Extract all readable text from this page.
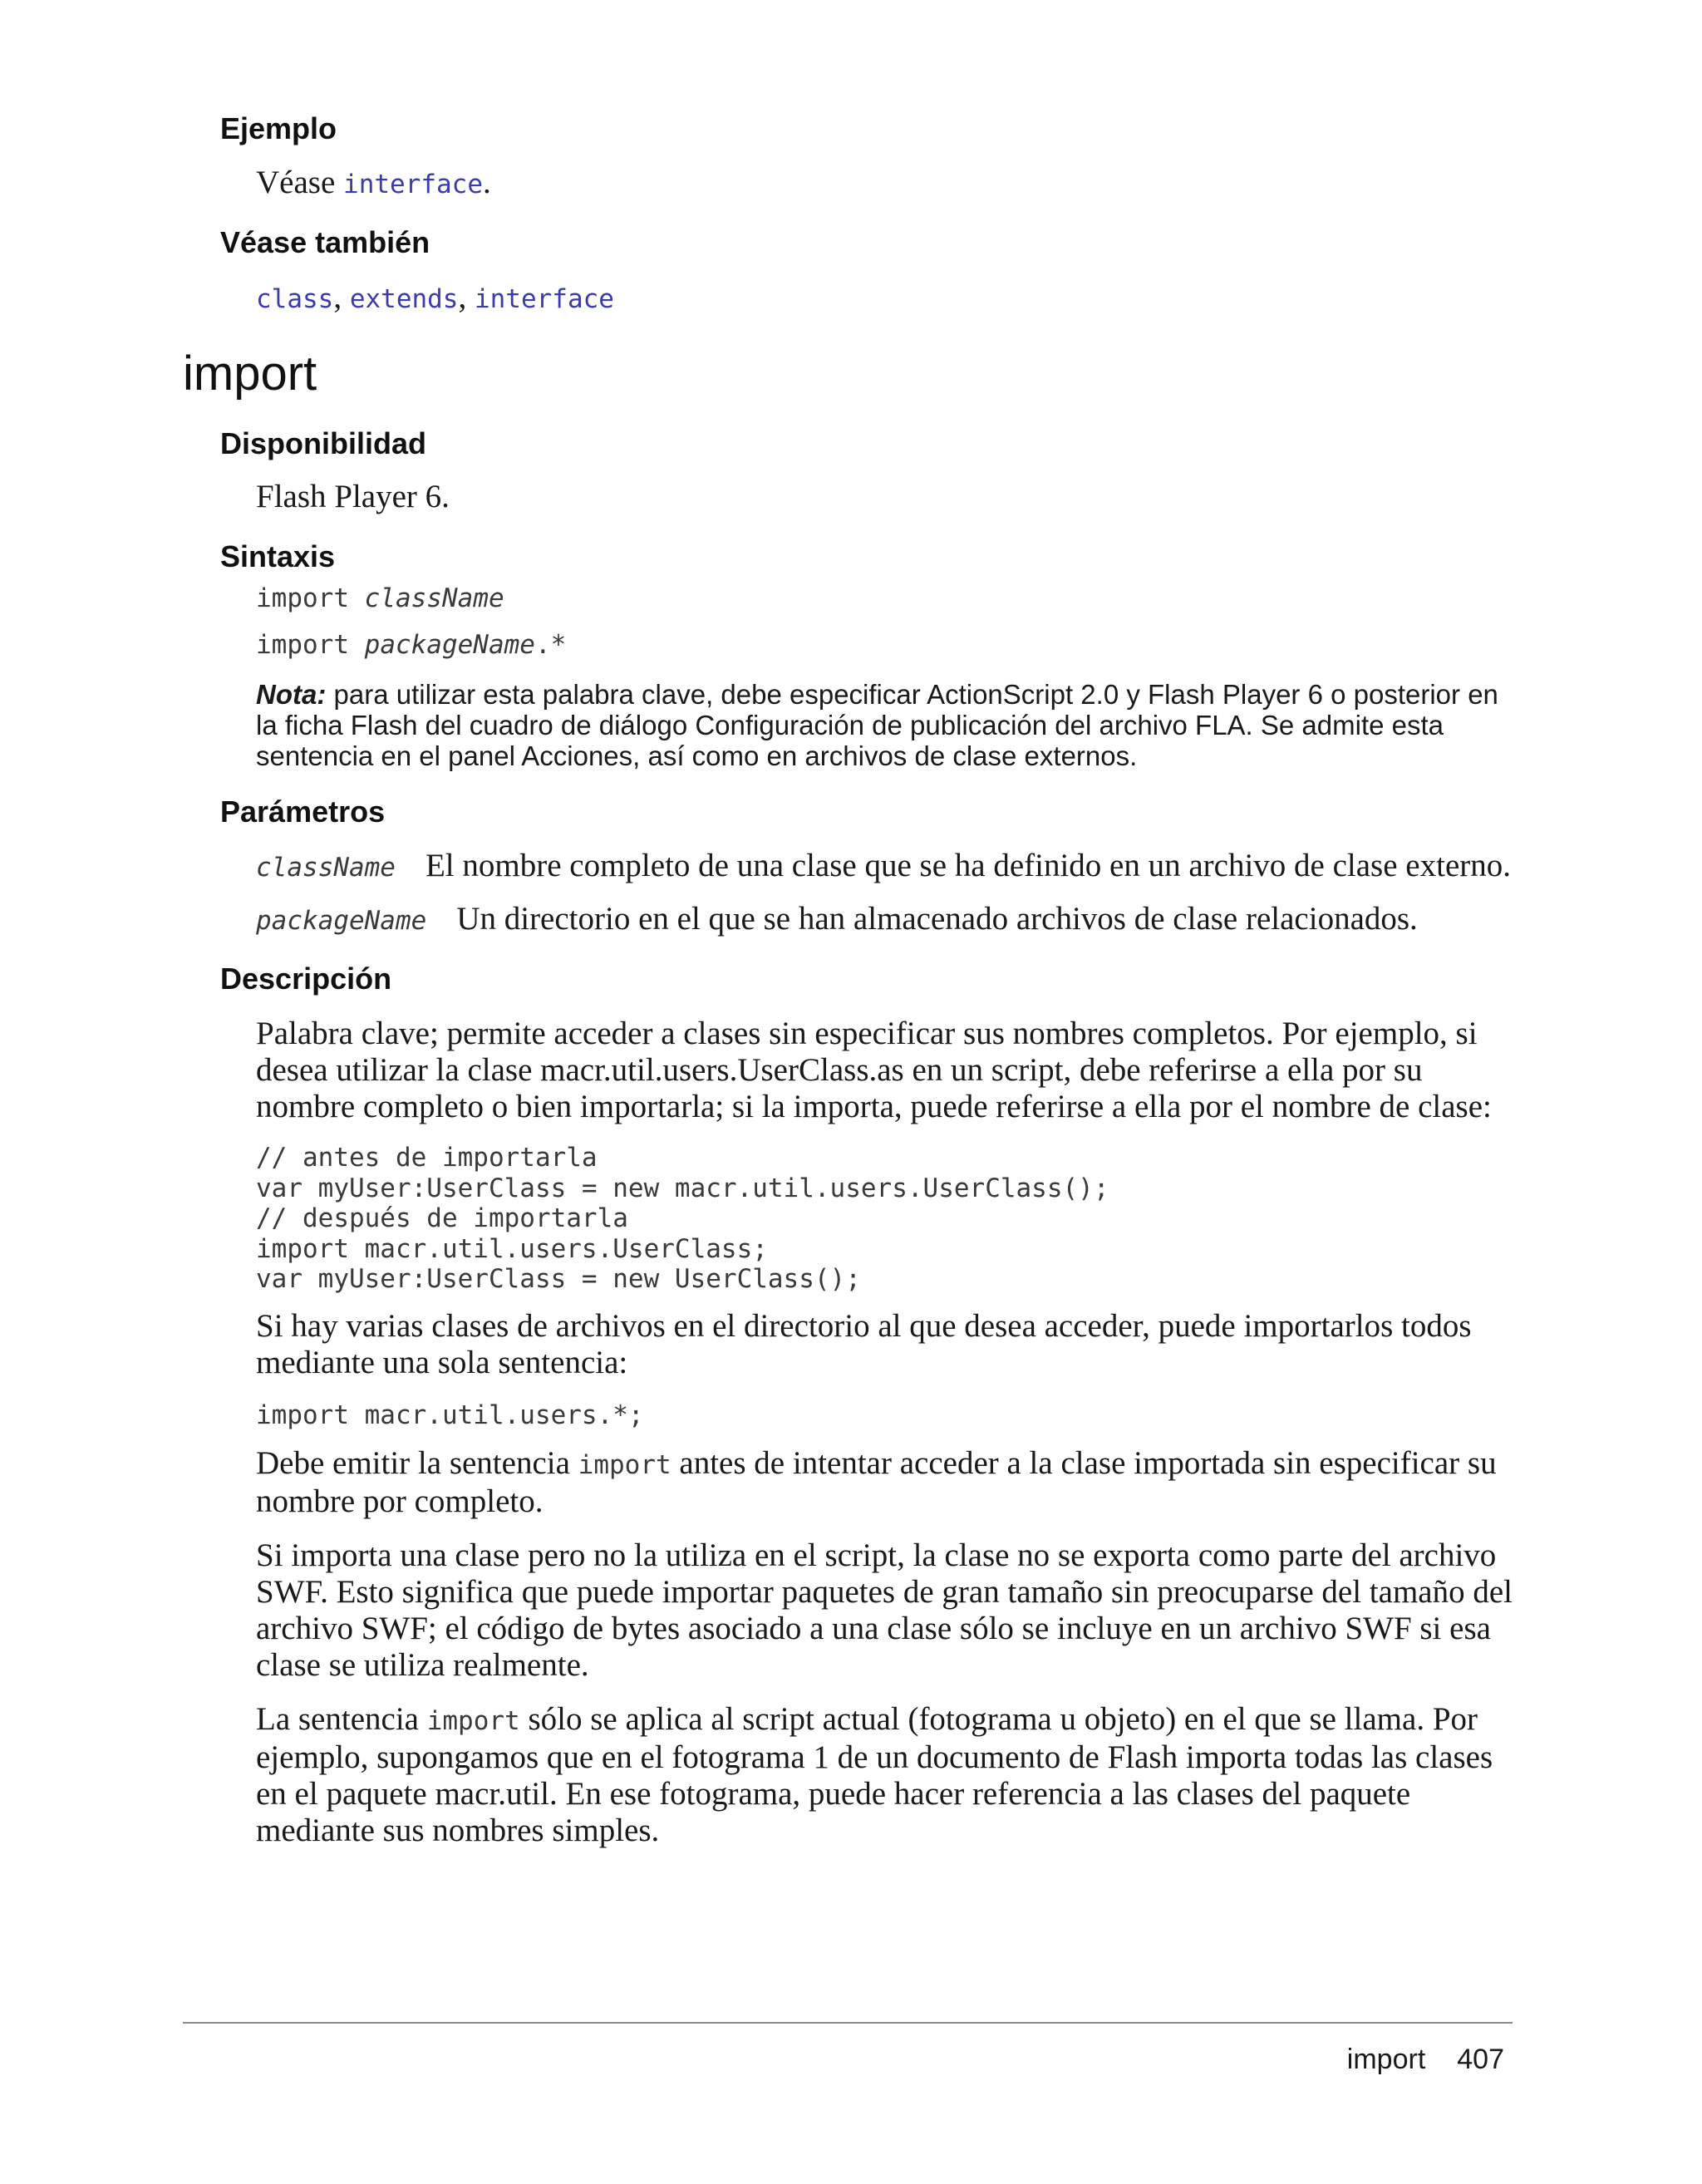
Ejemplo

Véase interface.

Véase también

class, extends, interface

import
Disponibilidad

Flash Player 6.

Sintaxis

import className

import packageName.*

Nota: para utilizar esta palabra clave, debe especificar ActionScript 2.0 y Flash Player 6 o posterior en la ficha Flash del cuadro de diálogo Configuración de publicación del archivo FLA. Se admite esta sentencia en el panel Acciones, así como en archivos de clase externos.

Parámetros

className El nombre completo de una clase que se ha definido en un archivo de clase externo.

packageName Un directorio en el que se han almacenado archivos de clase relacionados.

Descripción

Palabra clave; permite acceder a clases sin especificar sus nombres completos. Por ejemplo, si desea utilizar la clase macr.util.users.UserClass.as en un script, debe referirse a ella por su nombre completo o bien importarla; si la importa, puede referirse a ella por el nombre de clase:

// antes de importarla
var myUser:UserClass = new macr.util.users.UserClass();
// después de importarla
import macr.util.users.UserClass;
var myUser:UserClass = new UserClass();

Si hay varias clases de archivos en el directorio al que desea acceder, puede importarlos todos mediante una sola sentencia:

import macr.util.users.*;

Debe emitir la sentencia import antes de intentar acceder a la clase importada sin especificar su nombre por completo.

Si importa una clase pero no la utiliza en el script, la clase no se exporta como parte del archivo SWF. Esto significa que puede importar paquetes de gran tamaño sin preocuparse del tamaño del archivo SWF; el código de bytes asociado a una clase sólo se incluye en un archivo SWF si esa clase se utiliza realmente.

La sentencia import sólo se aplica al script actual (fotograma u objeto) en el que se llama. Por ejemplo, supongamos que en el fotograma 1 de un documento de Flash importa todas las clases en el paquete macr.util. En ese fotograma, puede hacer referencia a las clases del paquete mediante sus nombres simples.

import 407
